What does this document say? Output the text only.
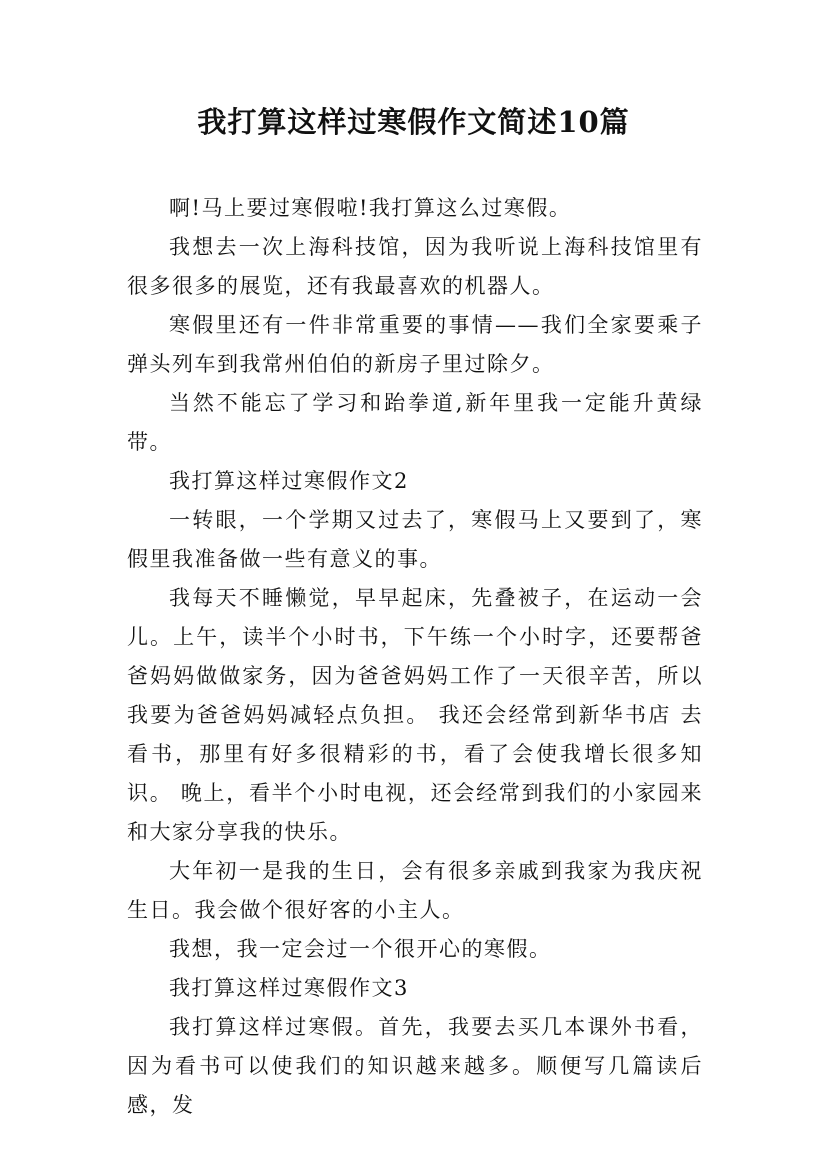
我打算这样过寒假作文简述10篇

啊!马上要过寒假啦!我打算这么过寒假。

我想去一次上海科技馆，因为我听说上海科技馆里有很多很多的展览，还有我最喜欢的机器人。

寒假里还有一件非常重要的事情——我们全家要乘子弹头列车到我常州伯伯的新房子里过除夕。

当然不能忘了学习和跆拳道,新年里我一定能升黄绿带。

我打算这样过寒假作文2

一转眼，一个学期又过去了，寒假马上又要到了，寒假里我准备做一些有意义的事。

我每天不睡懒觉，早早起床，先叠被子，在运动一会儿。上午，读半个小时书，下午练一个小时字，还要帮爸爸妈妈做做家务，因为爸爸妈妈工作了一天很辛苦，所以我要为爸爸妈妈减轻点负担。 我还会经常到新华书店 去看书，那里有好多很精彩的书，看了会使我增长很多知识。 晚上，看半个小时电视，还会经常到我们的小家园来和大家分享我的快乐。

大年初一是我的生日，会有很多亲戚到我家为我庆祝生日。我会做个很好客的小主人。

我想，我一定会过一个很开心的寒假。

我打算这样过寒假作文3

我打算这样过寒假。首先，我要去买几本课外书看，因为看书可以使我们的知识越来越多。顺便写几篇读后感，发
